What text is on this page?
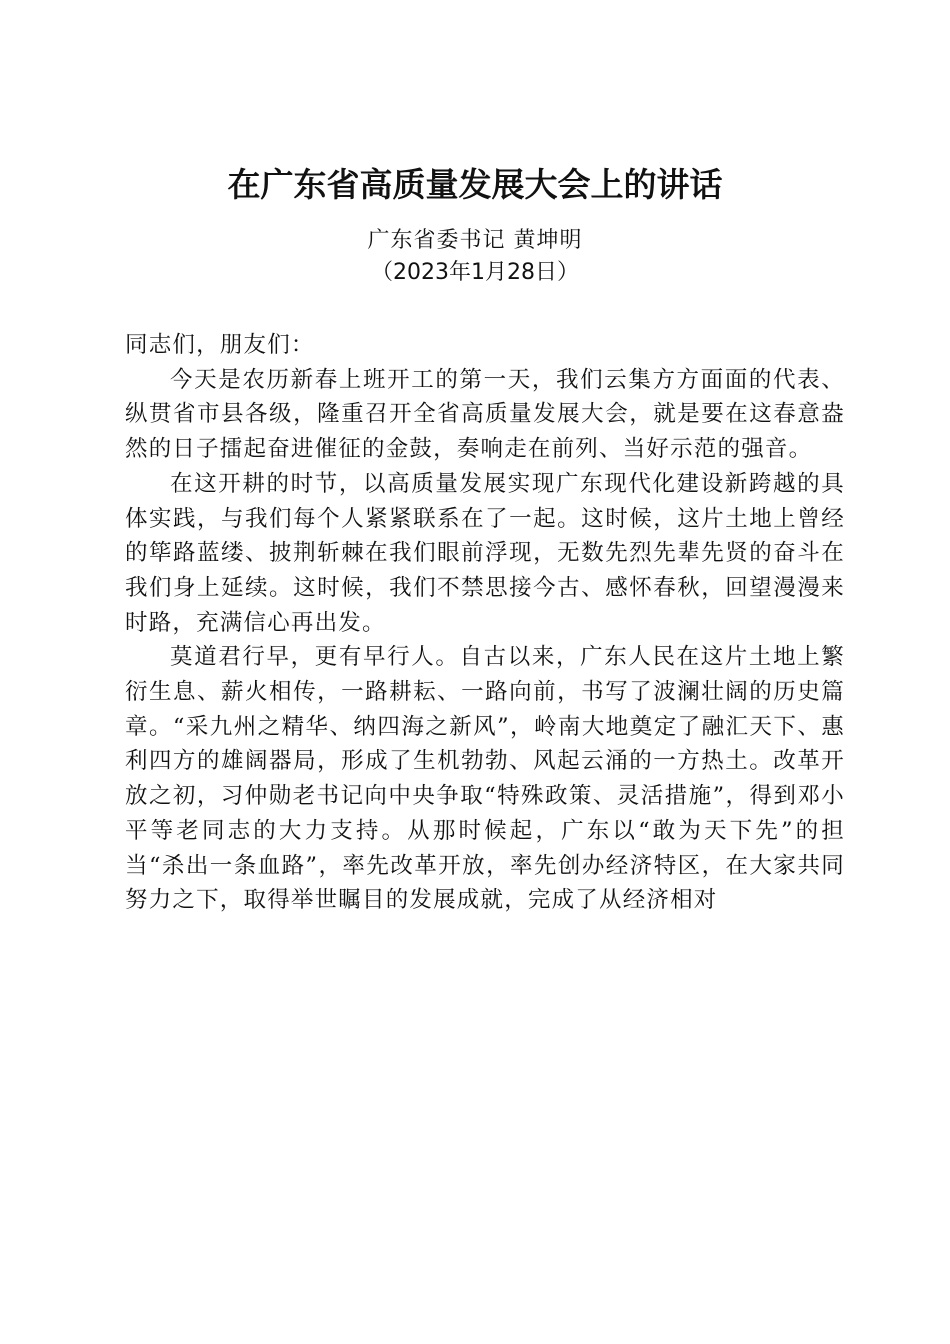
在广东省高质量发展大会上的讲话
广东省委书记 黄坤明
（2023年1月28日）

同志们，朋友们：

今天是农历新春上班开工的第一天，我们云集方方面面的代表、纵贯省市县各级，隆重召开全省高质量发展大会，就是要在这春意盎然的日子擂起奋进催征的金鼓，奏响走在前列、当好示范的强音。

在这开耕的时节，以高质量发展实现广东现代化建设新跨越的具体实践，与我们每个人紧紧联系在了一起。这时候，这片土地上曾经的筚路蓝缕、披荆斩棘在我们眼前浮现，无数先烈先辈先贤的奋斗在我们身上延续。这时候，我们不禁思接今古、感怀春秋，回望漫漫来时路，充满信心再出发。

莫道君行早，更有早行人。自古以来，广东人民在这片土地上繁衍生息、薪火相传，一路耕耘、一路向前，书写了波澜壮阔的历史篇章。“采九州之精华、纳四海之新风”，岭南大地奠定了融汇天下、惠利四方的雄阔器局，形成了生机勃勃、风起云涌的一方热土。改革开放之初，习仲勋老书记向中央争取“特殊政策、灵活措施”，得到邓小平等老同志的大力支持。从那时候起，广东以“敢为天下先”的担当“杀出一条血路”，率先改革开放，率先创办经济特区，在大家共同努力之下，取得举世瞩目的发展成就，完成了从经济相对
